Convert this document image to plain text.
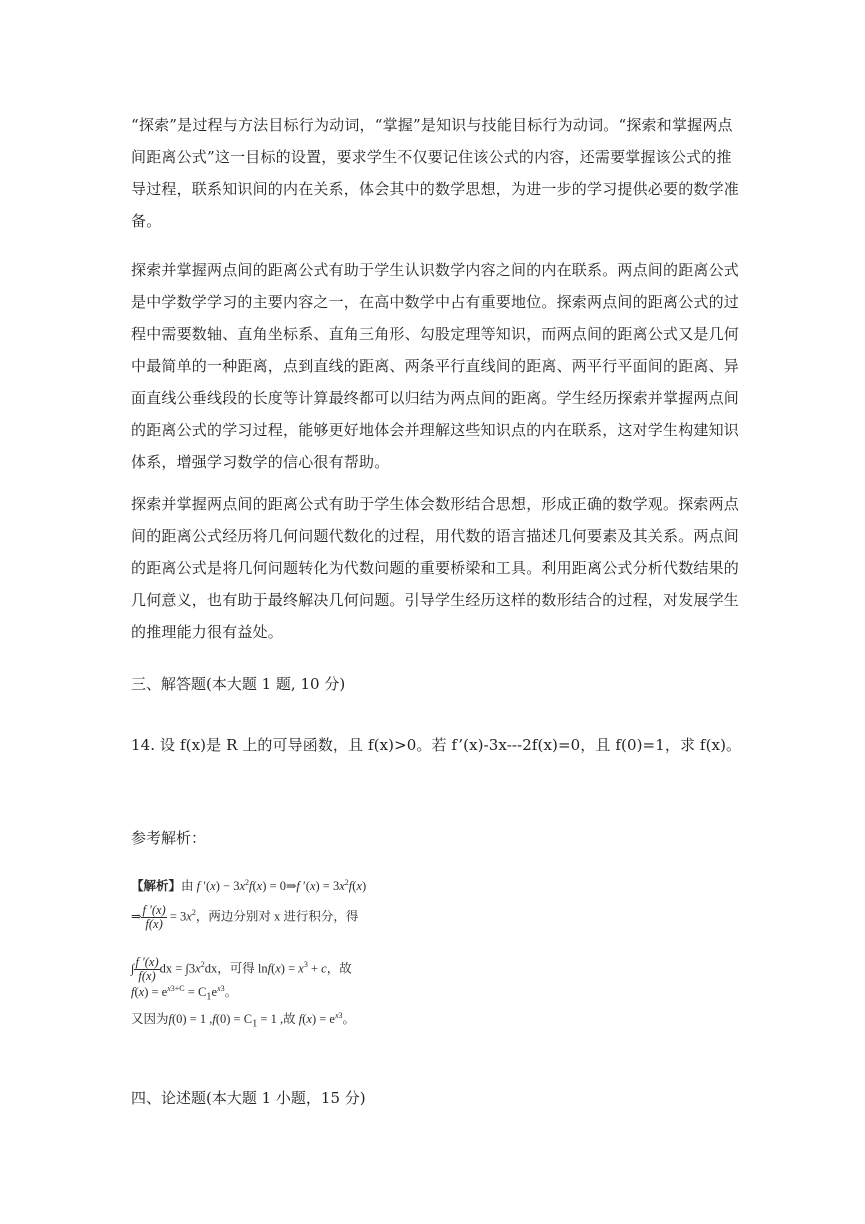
“探索”是过程与方法目标行为动词，“掌握”是知识与技能目标行为动词。“探索和掌握两点间距离公式”这一目标的设置，要求学生不仅要记住该公式的内容，还需要掌握该公式的推导过程，联系知识间的内在关系，体会其中的数学思想，为进一步的学习提供必要的数学准备。

探索并掌握两点间的距离公式有助于学生认识数学内容之间的内在联系。两点间的距离公式是中学数学学习的主要内容之一，在高中数学中占有重要地位。探索两点间的距离公式的过程中需要数轴、直角坐标系、直角三角形、勾股定理等知识，而两点间的距离公式又是几何中最简单的一种距离，点到直线的距离、两条平行直线间的距离、两平行平面间的距离、异面直线公垂线段的长度等计算最终都可以归结为两点间的距离。学生经历探索并掌握两点间的距离公式的学习过程，能够更好地体会并理解这些知识点的内在联系，这对学生构建知识体系，增强学习数学的信心很有帮助。

探索并掌握两点间的距离公式有助于学生体会数形结合思想，形成正确的数学观。探索两点间的距离公式经历将几何问题代数化的过程，用代数的语言描述几何要素及其关系。两点间的距离公式是将几何问题转化为代数问题的重要桥梁和工具。利用距离公式分析代数结果的几何意义，也有助于最终解决几何问题。引导学生经历这样的数形结合的过程，对发展学生的推理能力很有益处。

三、解答题(本大题 1 题, 10 分)

14. 设 f(x)是 R 上的可导函数，且 f(x)>0。若 f’(x)-3x---2f(x)=0，且 f(0)=1，求 f(x)。

参考解析：

【解析】由 f $'(x) - 3x^2f(x)$ = 0⇒f $'(x) = 3x^2f(x)$
⇒ $\frac{f '(x)}{f(x)} = 3x^2$，两边分别对 x 进行积分，得
∫ $\frac{f '(x)}{f(x)}$ dx = $\int 3x^2dx$，可得 $\ln f(x) = x^3 + c$，故
$f(x) = e^{x3+C} = C_1e^{x3}$。
又因为f(0) = 1 $,f(0) = C_1 = 1$ ,故 $f(x) = e^{x3}$。

四、论述题(本大题 1 小题，15 分)
